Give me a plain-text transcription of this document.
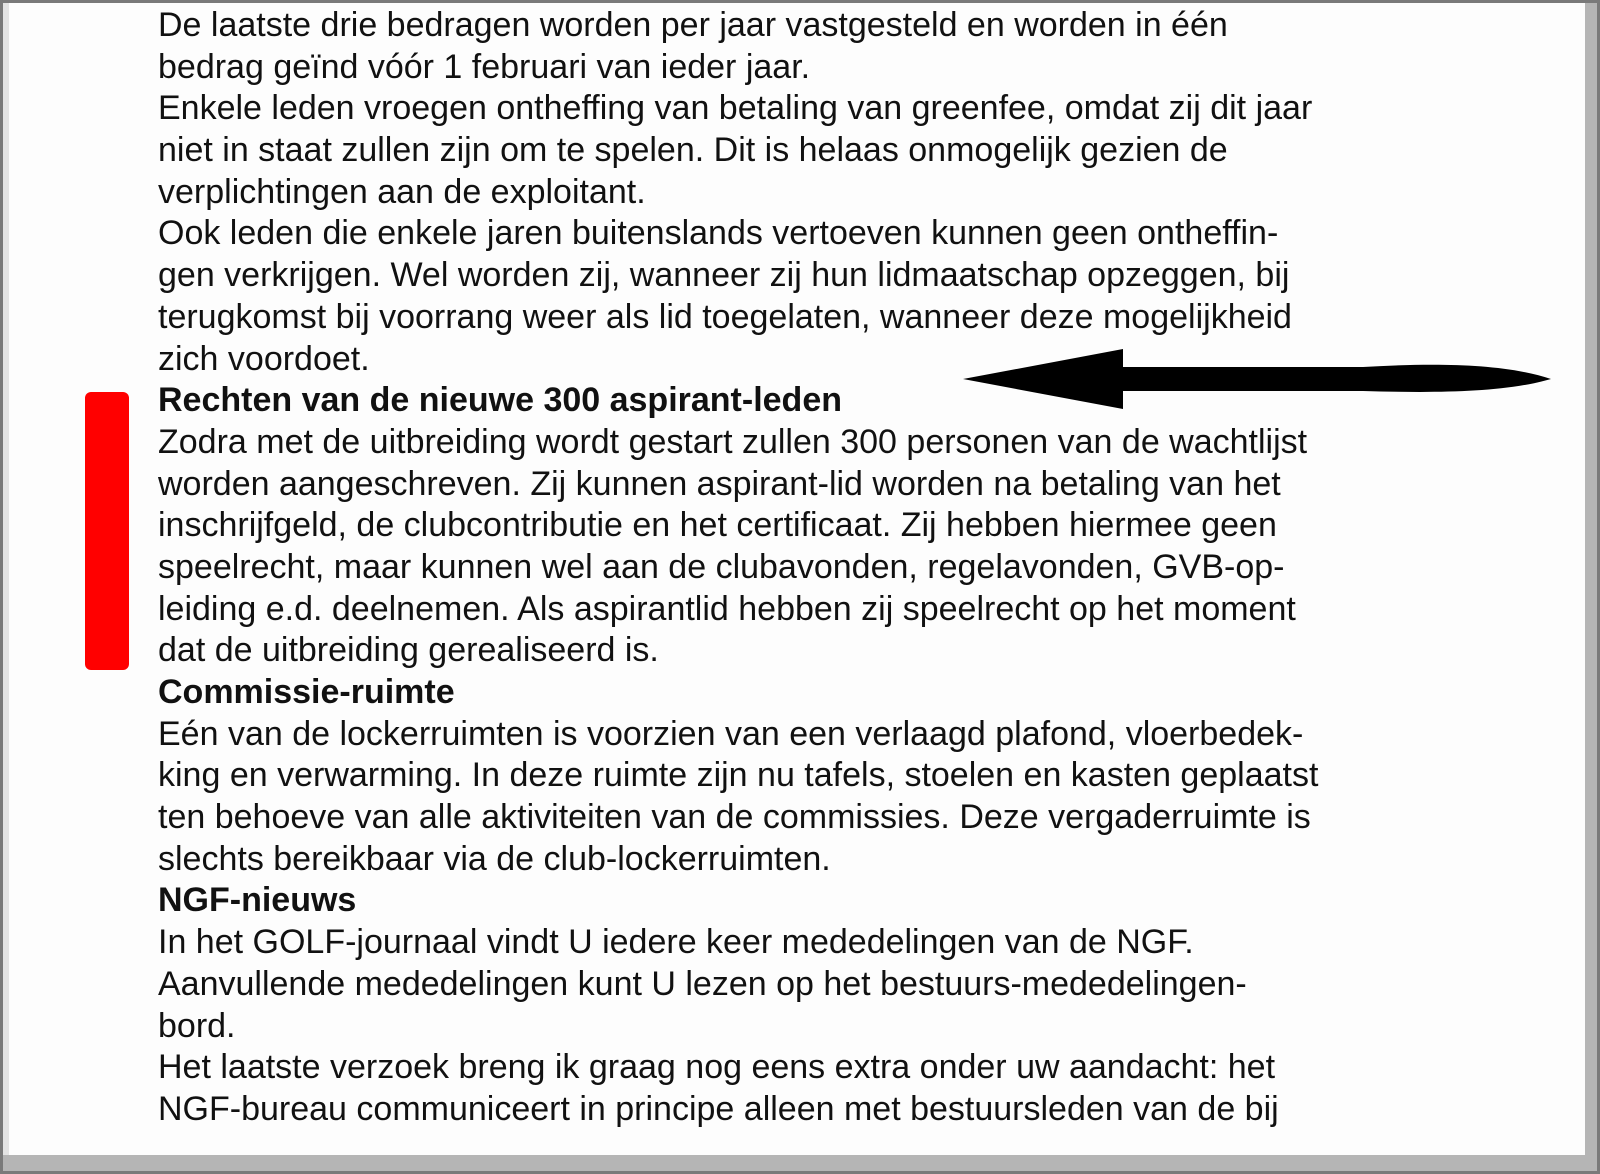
De laatste drie bedragen worden per jaar vastgesteld en worden in één
bedrag geïnd vóór 1 februari van ieder jaar.
Enkele leden vroegen ontheffing van betaling van greenfee, omdat zij dit jaar
niet in staat zullen zijn om te spelen. Dit is helaas onmogelijk gezien de
verplichtingen aan de exploitant.
Ook leden die enkele jaren buitenslands vertoeven kunnen geen ontheffin-
gen verkrijgen. Wel worden zij, wanneer zij hun lidmaatschap opzeggen, bij
terugkomst bij voorrang weer als lid toegelaten, wanneer deze mogelijkheid
zich voordoet.
Rechten van de nieuwe 300 aspirant-leden
Zodra met de uitbreiding wordt gestart zullen 300 personen van de wachtlijst
worden aangeschreven. Zij kunnen aspirant-lid worden na betaling van het
inschrijfgeld, de clubcontributie en het certificaat. Zij hebben hiermee geen
speelrecht, maar kunnen wel aan de clubavonden, regelavonden, GVB-op-
leiding e.d. deelnemen. Als aspirantlid hebben zij speelrecht op het moment
dat de uitbreiding gerealiseerd is.
Commissie-ruimte
Eén van de lockerruimten is voorzien van een verlaagd plafond, vloerbedek-
king en verwarming. In deze ruimte zijn nu tafels, stoelen en kasten geplaatst
ten behoeve van alle aktiviteiten van de commissies. Deze vergaderruimte is
slechts bereikbaar via de club-lockerruimten.
NGF-nieuws
In het GOLF-journaal vindt U iedere keer mededelingen van de NGF.
Aanvullende mededelingen kunt U lezen op het bestuurs-mededelingen-
bord.
Het laatste verzoek breng ik graag nog eens extra onder uw aandacht: het
NGF-bureau communiceert in principe alleen met bestuursleden van de bij
